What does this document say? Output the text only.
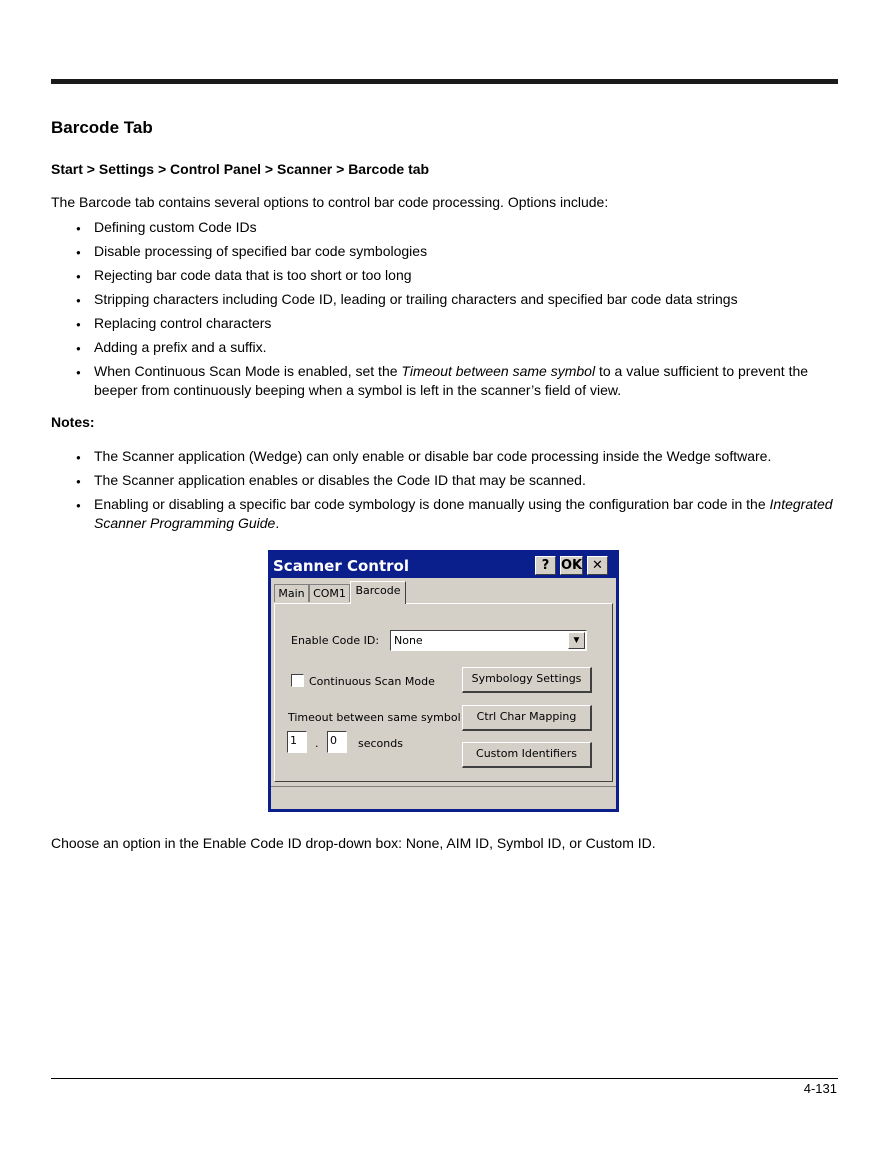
Barcode Tab
Start > Settings > Control Panel > Scanner > Barcode tab
The Barcode tab contains several options to control bar code processing. Options include:
● Defining custom Code IDs
● Disable processing of specified bar code symbologies
● Rejecting bar code data that is too short or too long
● Stripping characters including Code ID, leading or trailing characters and specified bar code data strings
● Replacing control characters
● Adding a prefix and a suffix.
● When Continuous Scan Mode is enabled, set the Timeout between same symbol to a value sufficient to prevent the beeper from continuously beeping when a symbol is left in the scanner’s field of view.
Notes:
● The Scanner application (Wedge) can only enable or disable bar code processing inside the Wedge software.
● The Scanner application enables or disables the Code ID that may be scanned.
● Enabling or disabling a specific bar code symbology is done manually using the configuration bar code in the Integrated Scanner Programming Guide.
Scanner Control	? OK ✕
Main COM1 Barcode
Enable Code ID: None	▼
Continuous Scan Mode	Symbology Settings
Timeout between same symbol	Ctrl Char Mapping
1	. 0	seconds
Custom Identifiers
Choose an option in the Enable Code ID drop-down box: None, AIM ID, Symbol ID, or Custom ID.
4-131
